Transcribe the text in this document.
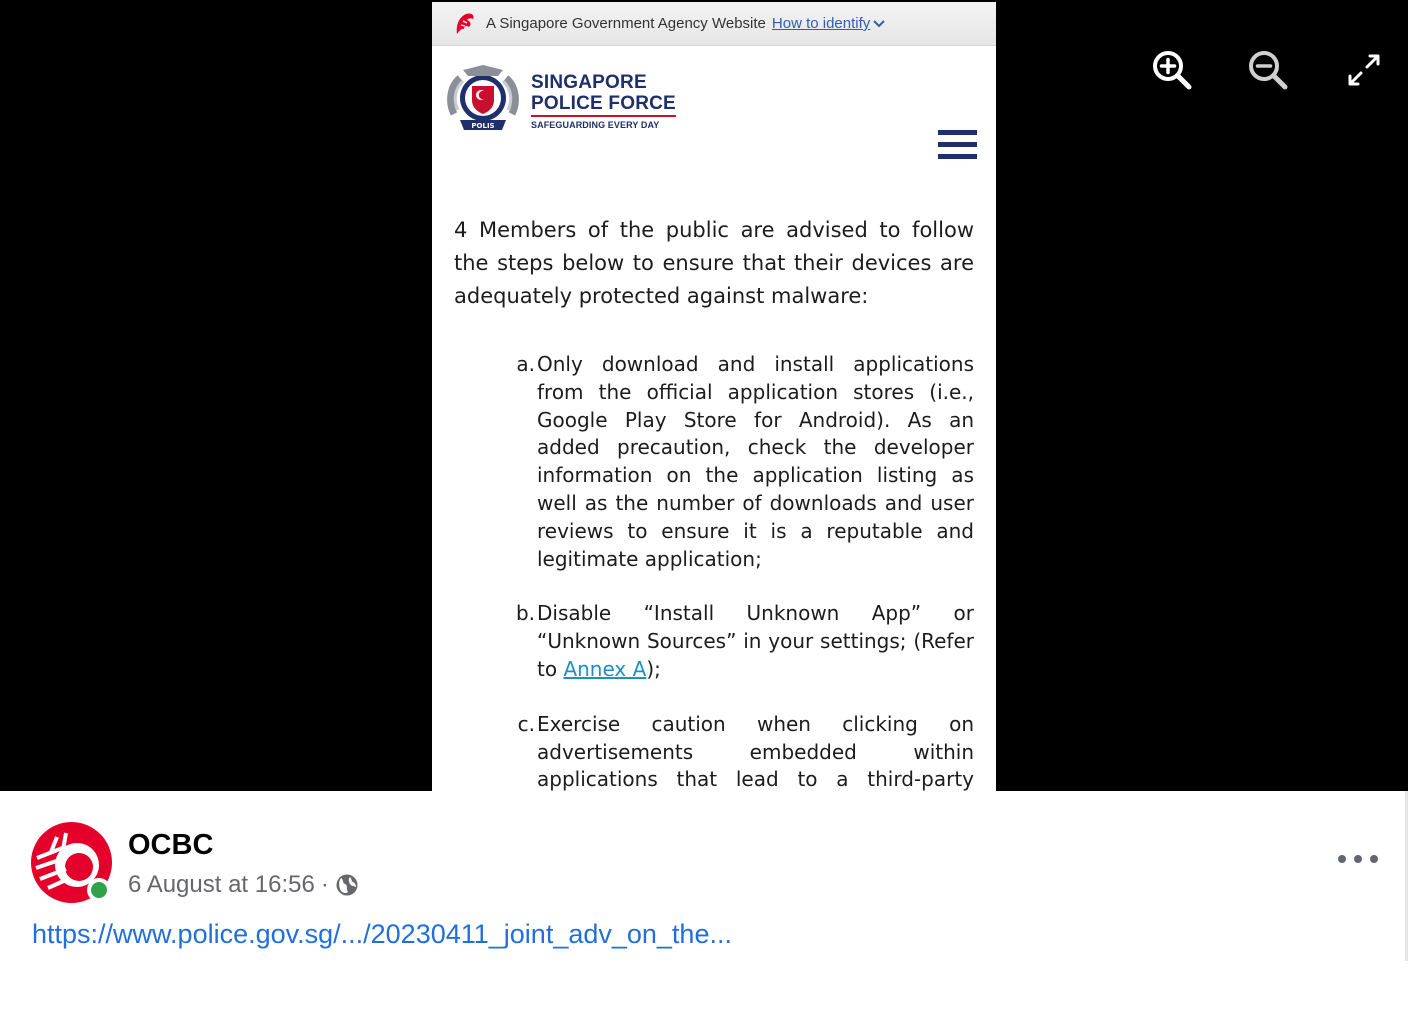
A Singapore Government Agency Website How to identify
POLIS
SINGAPORE
POLICE FORCE
SAFEGUARDING EVERY DAY

4 Members of the public are advised to follow the steps below to ensure that their devices are adequately protected against malware:

a. Only download and install applications from the official application stores (i.e., Google Play Store for Android). As an added precaution, check the developer information on the application listing as well as the number of downloads and user reviews to ensure it is a reputable and legitimate application;
b. Disable “Install Unknown App” or “Unknown Sources” in your settings; (Refer to Annex A);
c. Exercise caution when clicking on advertisements embedded within applications that lead to a third-party
OCBC
6 August at 16:56 ·
https://www.police.gov.sg/.../20230411_joint_adv_on_the...
